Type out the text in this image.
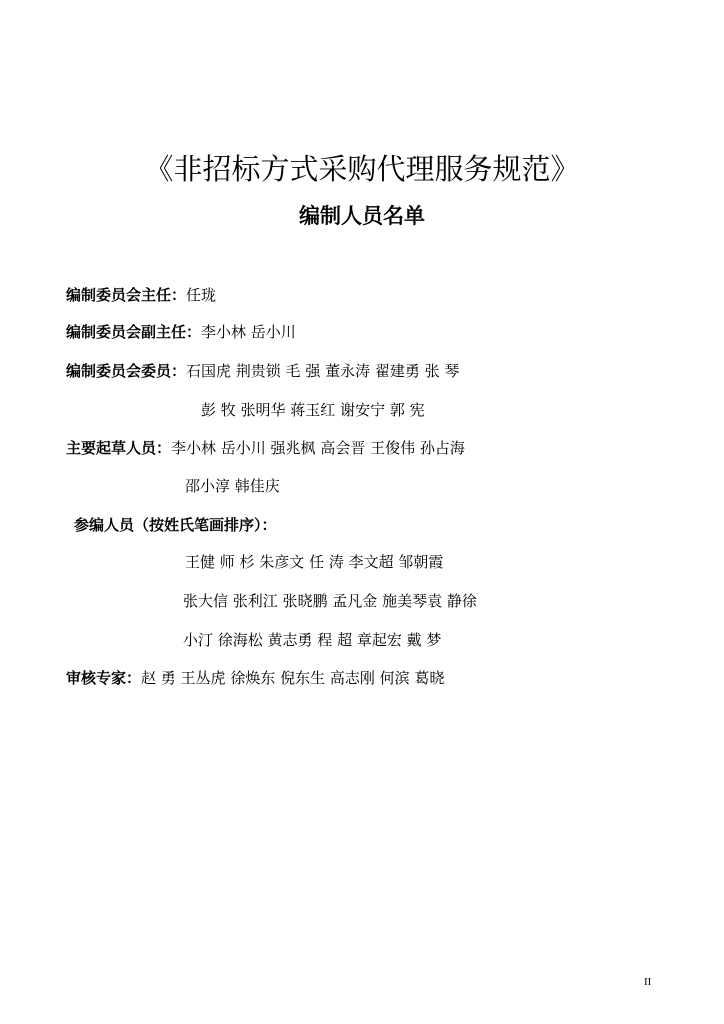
《非招标方式采购代理服务规范》
编制人员名单
编制委员会主任：任珑
编制委员会副主任：李小林 岳小川
编制委员会委员：石国虎 荆贵锁 毛 强 董永涛 翟建勇 张 琴
彭 牧 张明华 蒋玉红 谢安宁 郭 宪
主要起草人员：李小林 岳小川 强兆枫 高会晋 王俊伟 孙占海
邵小淳 韩佳庆
参编人员（按姓氏笔画排序）：
王健 师 杉 朱彦文 任 涛 李文超 邹朝霞
张大信 张利江 张晓鹏 孟凡金 施美琴袁 静徐
小汀 徐海松 黄志勇 程 超 章起宏 戴 梦
审核专家：赵 勇 王丛虎 徐焕东 倪东生 高志刚 何滨 葛晓
II
